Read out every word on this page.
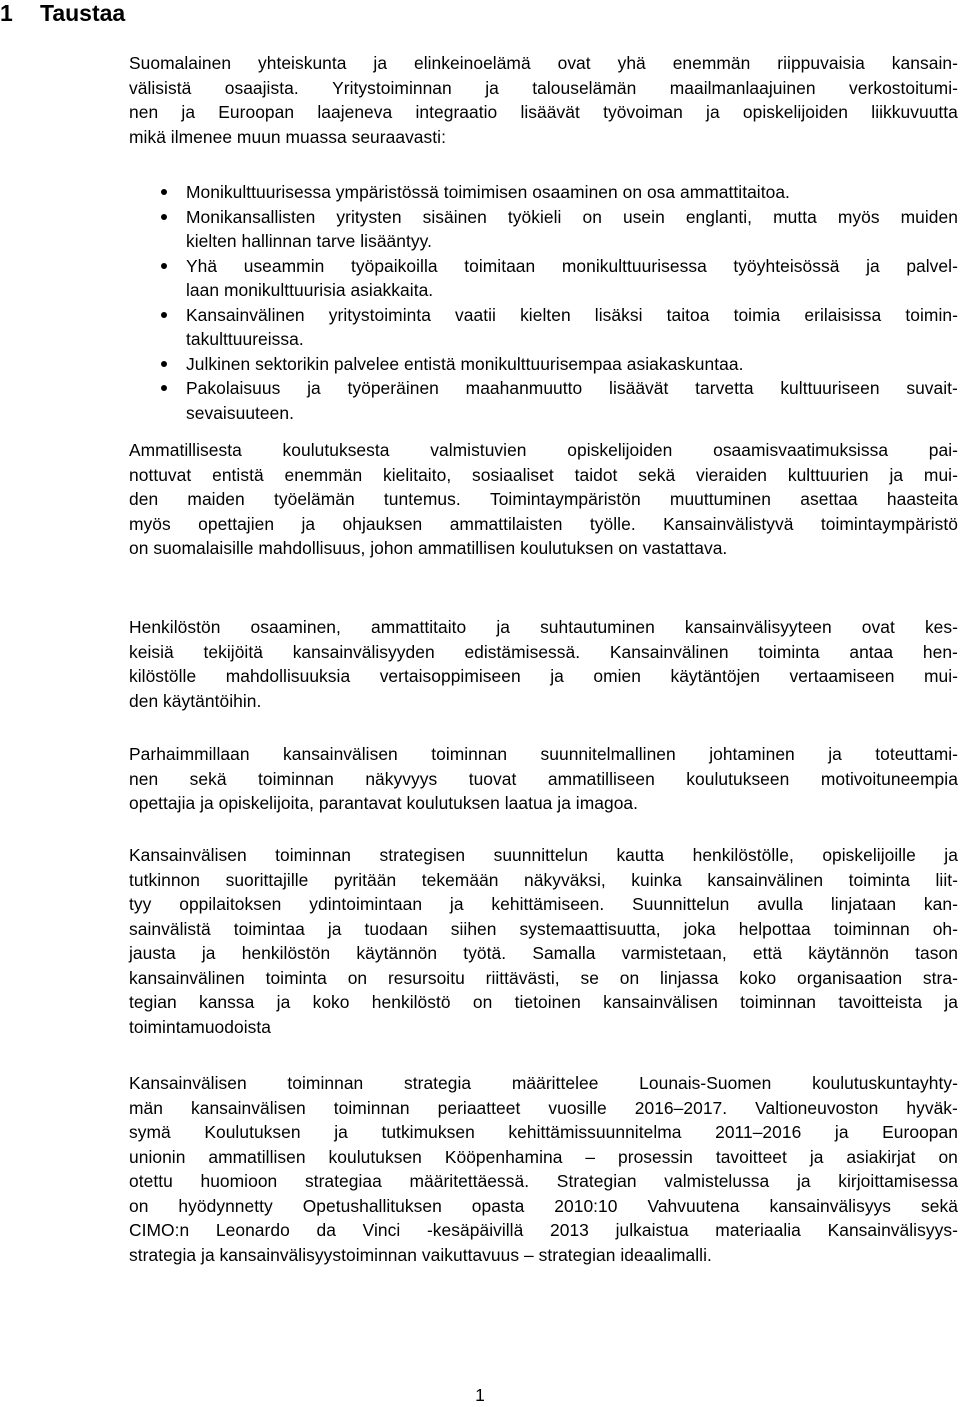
1 Taustaa
Suomalainen yhteiskunta ja elinkeinoelämä ovat yhä enemmän riippuvaisia kansain-
välisistä osaajista. Yritystoiminnan ja talouselämän maailmanlaajuinen verkostoitumi-
nen ja Euroopan laajeneva integraatio lisäävät työvoiman ja opiskelijoiden liikkuvuutta
mikä ilmenee muun muassa seuraavasti:
Monikulttuurisessa ympäristössä toimimisen osaaminen on osa ammattitaitoa.
Monikansallisten yritysten sisäinen työkieli on usein englanti, mutta myös muiden
kielten hallinnan tarve lisääntyy.
Yhä useammin työpaikoilla toimitaan monikulttuurisessa työyhteisössä ja palvel-
laan monikulttuurisia asiakkaita.
Kansainvälinen yritystoiminta vaatii kielten lisäksi taitoa toimia erilaisissa toimin-
takulttuureissa.
Julkinen sektorikin palvelee entistä monikulttuurisempaa asiakaskuntaa.
Pakolaisuus ja työperäinen maahanmuutto lisäävät tarvetta kulttuuriseen suvait-
sevaisuuteen.
Ammatillisesta koulutuksesta valmistuvien opiskelijoiden osaamisvaatimuksissa pai-
nottuvat entistä enemmän kielitaito, sosiaaliset taidot sekä vieraiden kulttuurien ja mui-
den maiden työelämän tuntemus. Toimintaympäristön muuttuminen asettaa haasteita
myös opettajien ja ohjauksen ammattilaisten työlle. Kansainvälistyvä toimintaympäristö
on suomalaisille mahdollisuus, johon ammatillisen koulutuksen on vastattava.
Henkilöstön osaaminen, ammattitaito ja suhtautuminen kansainvälisyyteen ovat kes-
keisiä tekijöitä kansainvälisyyden edistämisessä. Kansainvälinen toiminta antaa hen-
kilöstölle mahdollisuuksia vertaisoppimiseen ja omien käytäntöjen vertaamiseen mui-
den käytäntöihin.
Parhaimmillaan kansainvälisen toiminnan suunnitelmallinen johtaminen ja toteuttami-
nen sekä toiminnan näkyvyys tuovat ammatilliseen koulutukseen motivoituneempia
opettajia ja opiskelijoita, parantavat koulutuksen laatua ja imagoa.
Kansainvälisen toiminnan strategisen suunnittelun kautta henkilöstölle, opiskelijoille ja
tutkinnon suorittajille pyritään tekemään näkyväksi, kuinka kansainvälinen toiminta liit-
tyy oppilaitoksen ydintoimintaan ja kehittämiseen. Suunnittelun avulla linjataan kan-
sainvälistä toimintaa ja tuodaan siihen systemaattisuutta, joka helpottaa toiminnan oh-
jausta ja henkilöstön käytännön työtä. Samalla varmistetaan, että käytännön tason
kansainvälinen toiminta on resursoitu riittävästi, se on linjassa koko organisaation stra-
tegian kanssa ja koko henkilöstö on tietoinen kansainvälisen toiminnan tavoitteista ja
toimintamuodoista
Kansainvälisen toiminnan strategia määrittelee Lounais-Suomen koulutuskuntayhty-
män kansainvälisen toiminnan periaatteet vuosille 2016–2017. Valtioneuvoston hyväk-
symä Koulutuksen ja tutkimuksen kehittämissuunnitelma 2011–2016 ja Euroopan
unionin ammatillisen koulutuksen Kööpenhamina – prosessin tavoitteet ja asiakirjat on
otettu huomioon strategiaa määritettäessä. Strategian valmistelussa ja kirjoittamisessa
on hyödynnetty Opetushallituksen opasta 2010:10 Vahvuutena kansainvälisyys sekä
CIMO:n Leonardo da Vinci -kesäpäivillä 2013 julkaistua materiaalia Kansainvälisyys-
strategia ja kansainvälisyystoiminnan vaikuttavuus – strategian ideaalimalli.
1
